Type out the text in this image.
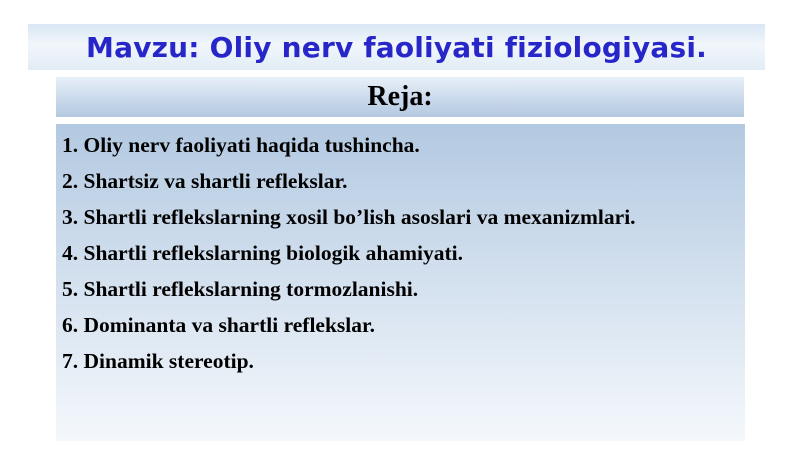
Mavzu: Oliy nerv faoliyati fiziologiyasi.
Reja:
1. Oliy nerv faoliyati haqida tushincha.
2. Shartsiz va shartli reflekslar.
3. Shartli reflekslarning xosil bo’lish asoslari va mexanizmlari.
4. Shartli reflekslarning biologik ahamiyati.
5. Shartli reflekslarning tormozlanishi.
6. Dominanta va shartli reflekslar.
7. Dinamik stereotip.
